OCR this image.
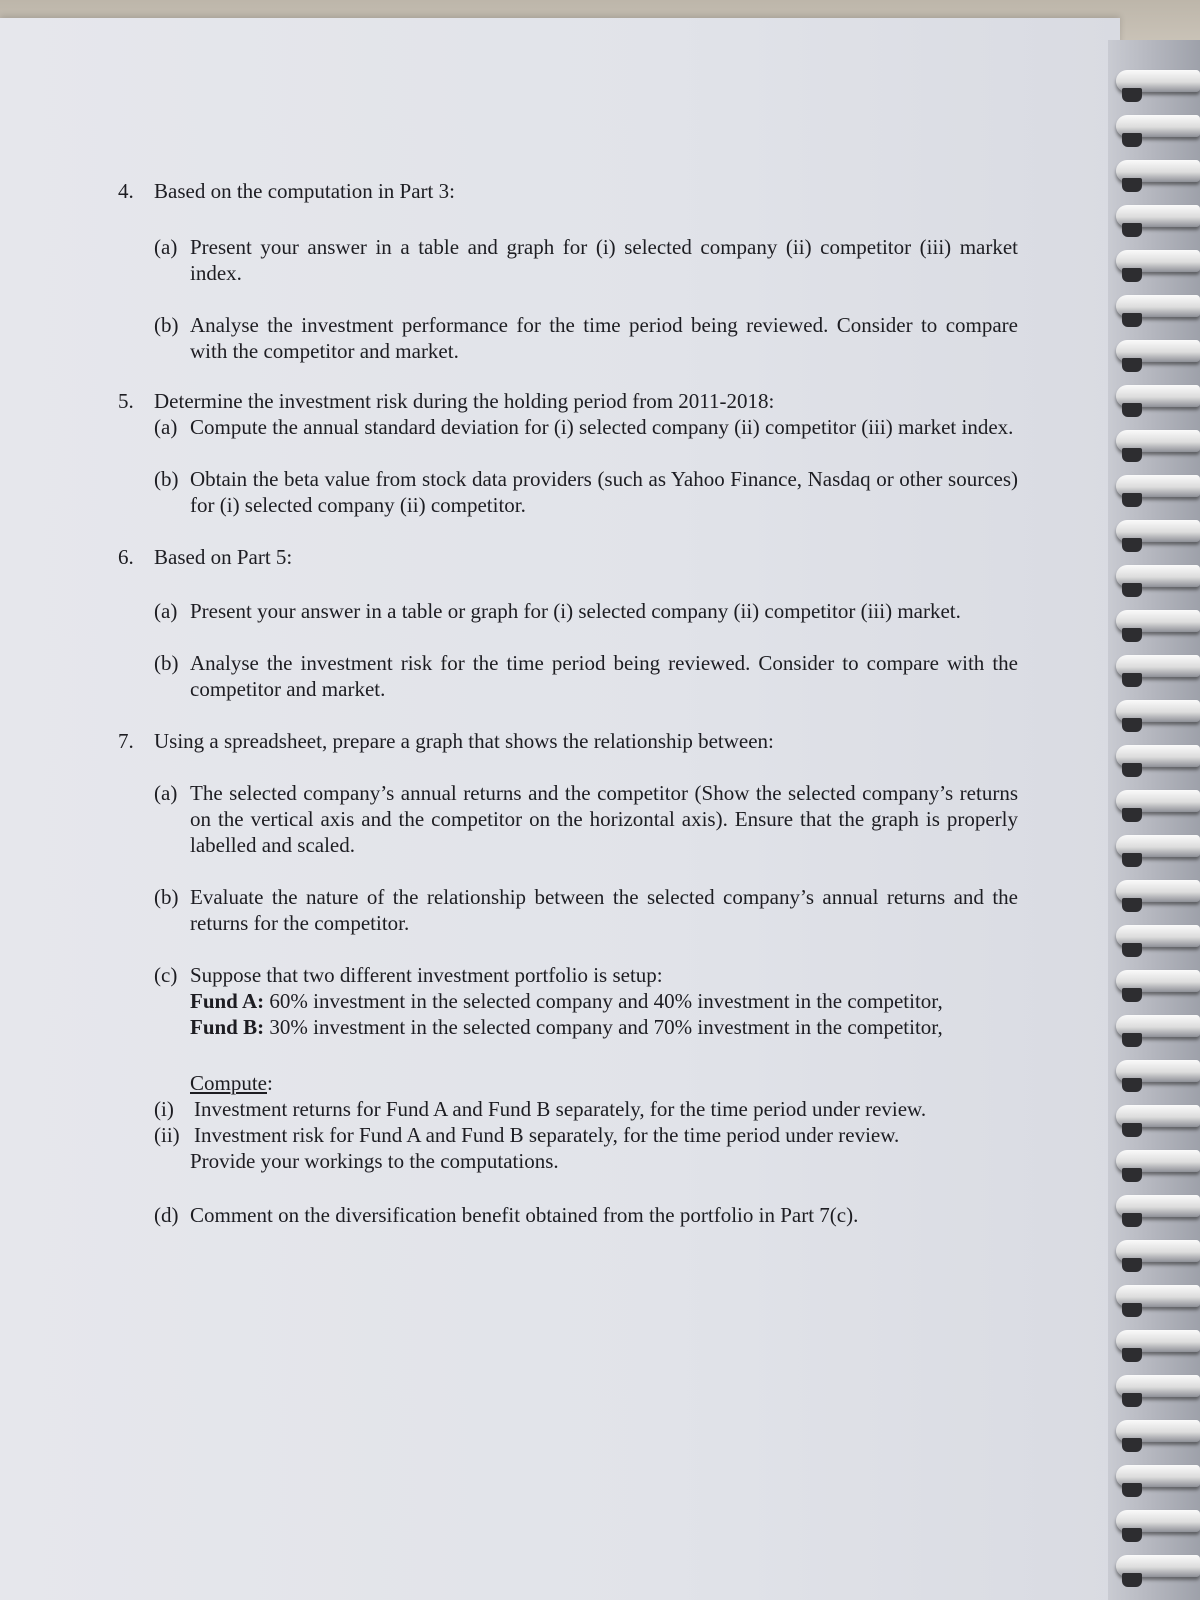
4. Based on the computation in Part 3:
(a) Present your answer in a table and graph for (i) selected company (ii) competitor (iii) market index.
(b) Analyse the investment performance for the time period being reviewed. Consider to compare with the competitor and market.
5. Determine the investment risk during the holding period from 2011-2018:
(a) Compute the annual standard deviation for (i) selected company (ii) competitor (iii) market index.
(b) Obtain the beta value from stock data providers (such as Yahoo Finance, Nasdaq or other sources) for (i) selected company (ii) competitor.
6. Based on Part 5:
(a) Present your answer in a table or graph for (i) selected company (ii) competitor (iii) market.
(b) Analyse the investment risk for the time period being reviewed. Consider to compare with the competitor and market.
7. Using a spreadsheet, prepare a graph that shows the relationship between:
(a) The selected company’s annual returns and the competitor (Show the selected company’s returns on the vertical axis and the competitor on the horizontal axis). Ensure that the graph is properly labelled and scaled.
(b) Evaluate the nature of the relationship between the selected company’s annual returns and the returns for the competitor.
(c) Suppose that two different investment portfolio is setup:
Fund A: 60% investment in the selected company and 40% investment in the competitor,
Fund B: 30% investment in the selected company and 70% investment in the competitor,
Compute:
(i) Investment returns for Fund A and Fund B separately, for the time period under review.
(ii) Investment risk for Fund A and Fund B separately, for the time period under review.
Provide your workings to the computations.
(d) Comment on the diversification benefit obtained from the portfolio in Part 7(c).
